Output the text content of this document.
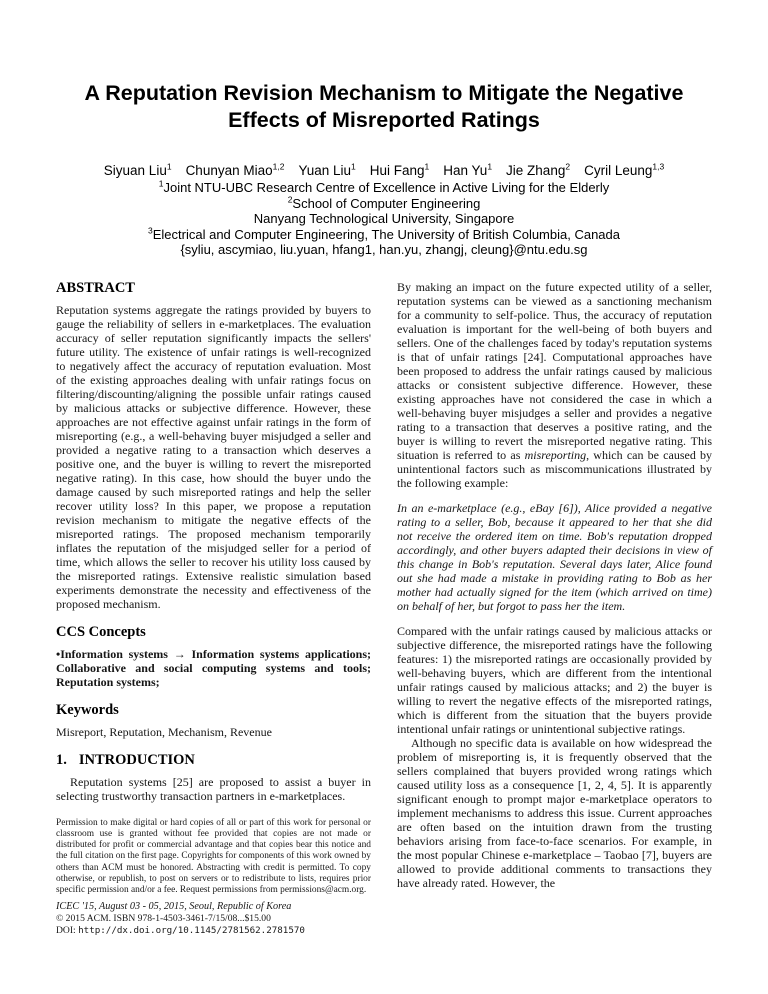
A Reputation Revision Mechanism to Mitigate the Negative
Effects of Misreported Ratings
Siyuan Liu$^1$ Chunyan Miao$^{1,2}$ Yuan Liu$^1$ Hui Fang$^1$ Han Yu$^1$ Jie Zhang$^2$ Cyril Leung$^{1,3}$
$^1$Joint NTU-UBC Research Centre of Excellence in Active Living for the Elderly
$^2$School of Computer Engineering
Nanyang Technological University, Singapore
$^3$Electrical and Computer Engineering, The University of British Columbia, Canada
{syliu, ascymiao, liu.yuan, hfang1, han.yu, zhangj, cleung}@ntu.edu.sg
ABSTRACT

Reputation systems aggregate the ratings provided by buyers to gauge the reliability of sellers in e-marketplaces. The evaluation accuracy of seller reputation significantly impacts the sellers' future utility. The existence of unfair ratings is well-recognized to negatively affect the accuracy of reputation evaluation. Most of the existing approaches dealing with unfair ratings focus on filtering/discounting/aligning the possible unfair ratings caused by malicious attacks or subjective difference. However, these approaches are not effective against unfair ratings in the form of misreporting (e.g., a well-behaving buyer misjudged a seller and provided a negative rating to a transaction which deserves a positive one, and the buyer is willing to revert the misreported negative rating). In this case, how should the buyer undo the damage caused by such misreported ratings and help the seller recover utility loss? In this paper, we propose a reputation revision mechanism to mitigate the negative effects of the misreported ratings. The proposed mechanism temporarily inflates the reputation of the misjudged seller for a period of time, which allows the seller to recover his utility loss caused by the misreported ratings. Extensive realistic simulation based experiments demonstrate the necessity and effectiveness of the proposed mechanism.

CCS Concepts

•Information systems → Information systems applications; Collaborative and social computing systems and tools; Reputation systems;

Keywords

Misreport, Reputation, Mechanism, Revenue

1. INTRODUCTION

Reputation systems [25] are proposed to assist a buyer in selecting trustworthy transaction partners in e-marketplaces.

Permission to make digital or hard copies of all or part of this work for personal or classroom use is granted without fee provided that copies are not made or distributed for profit or commercial advantage and that copies bear this notice and the full citation on the first page. Copyrights for components of this work owned by others than ACM must be honored. Abstracting with credit is permitted. To copy otherwise, or republish, to post on servers or to redistribute to lists, requires prior specific permission and/or a fee. Request permissions from permissions@acm.org.

ICEC '15, August 03 - 05, 2015, Seoul, Republic of Korea

© 2015 ACM. ISBN 978-1-4503-3461-7/15/08...$15.00

DOI: http://dx.doi.org/10.1145/2781562.2781570

By making an impact on the future expected utility of a seller, reputation systems can be viewed as a sanctioning mechanism for a community to self-police. Thus, the accuracy of reputation evaluation is important for the well-being of both buyers and sellers. One of the challenges faced by today's reputation systems is that of unfair ratings [24]. Computational approaches have been proposed to address the unfair ratings caused by malicious attacks or consistent subjective difference. However, these existing approaches have not considered the case in which a well-behaving buyer misjudges a seller and provides a negative rating to a transaction that deserves a positive rating, and the buyer is willing to revert the misreported negative rating. This situation is referred to as misreporting, which can be caused by unintentional factors such as miscommunications illustrated by the following example:

In an e-marketplace (e.g., eBay [6]), Alice provided a negative rating to a seller, Bob, because it appeared to her that she did not receive the ordered item on time. Bob's reputation dropped accordingly, and other buyers adapted their decisions in view of this change in Bob's reputation. Several days later, Alice found out she had made a mistake in providing rating to Bob as her mother had actually signed for the item (which arrived on time) on behalf of her, but forgot to pass her the item.

Compared with the unfair ratings caused by malicious attacks or subjective difference, the misreported ratings have the following features: 1) the misreported ratings are occasionally provided by well-behaving buyers, which are different from the intentional unfair ratings caused by malicious attacks; and 2) the buyer is willing to revert the negative effects of the misreported ratings, which is different from the situation that the buyers provide intentional unfair ratings or unintentional subjective ratings.

Although no specific data is available on how widespread the problem of misreporting is, it is frequently observed that the sellers complained that buyers provided wrong ratings which caused utility loss as a consequence [1, 2, 4, 5]. It is apparently significant enough to prompt major e-marketplace operators to implement mechanisms to address this issue. Current approaches are often based on the intuition drawn from the trusting behaviors arising from face-to-face scenarios. For example, in the most popular Chinese e-marketplace – Taobao [7], buyers are allowed to provide additional comments to transactions they have already rated. However, the
